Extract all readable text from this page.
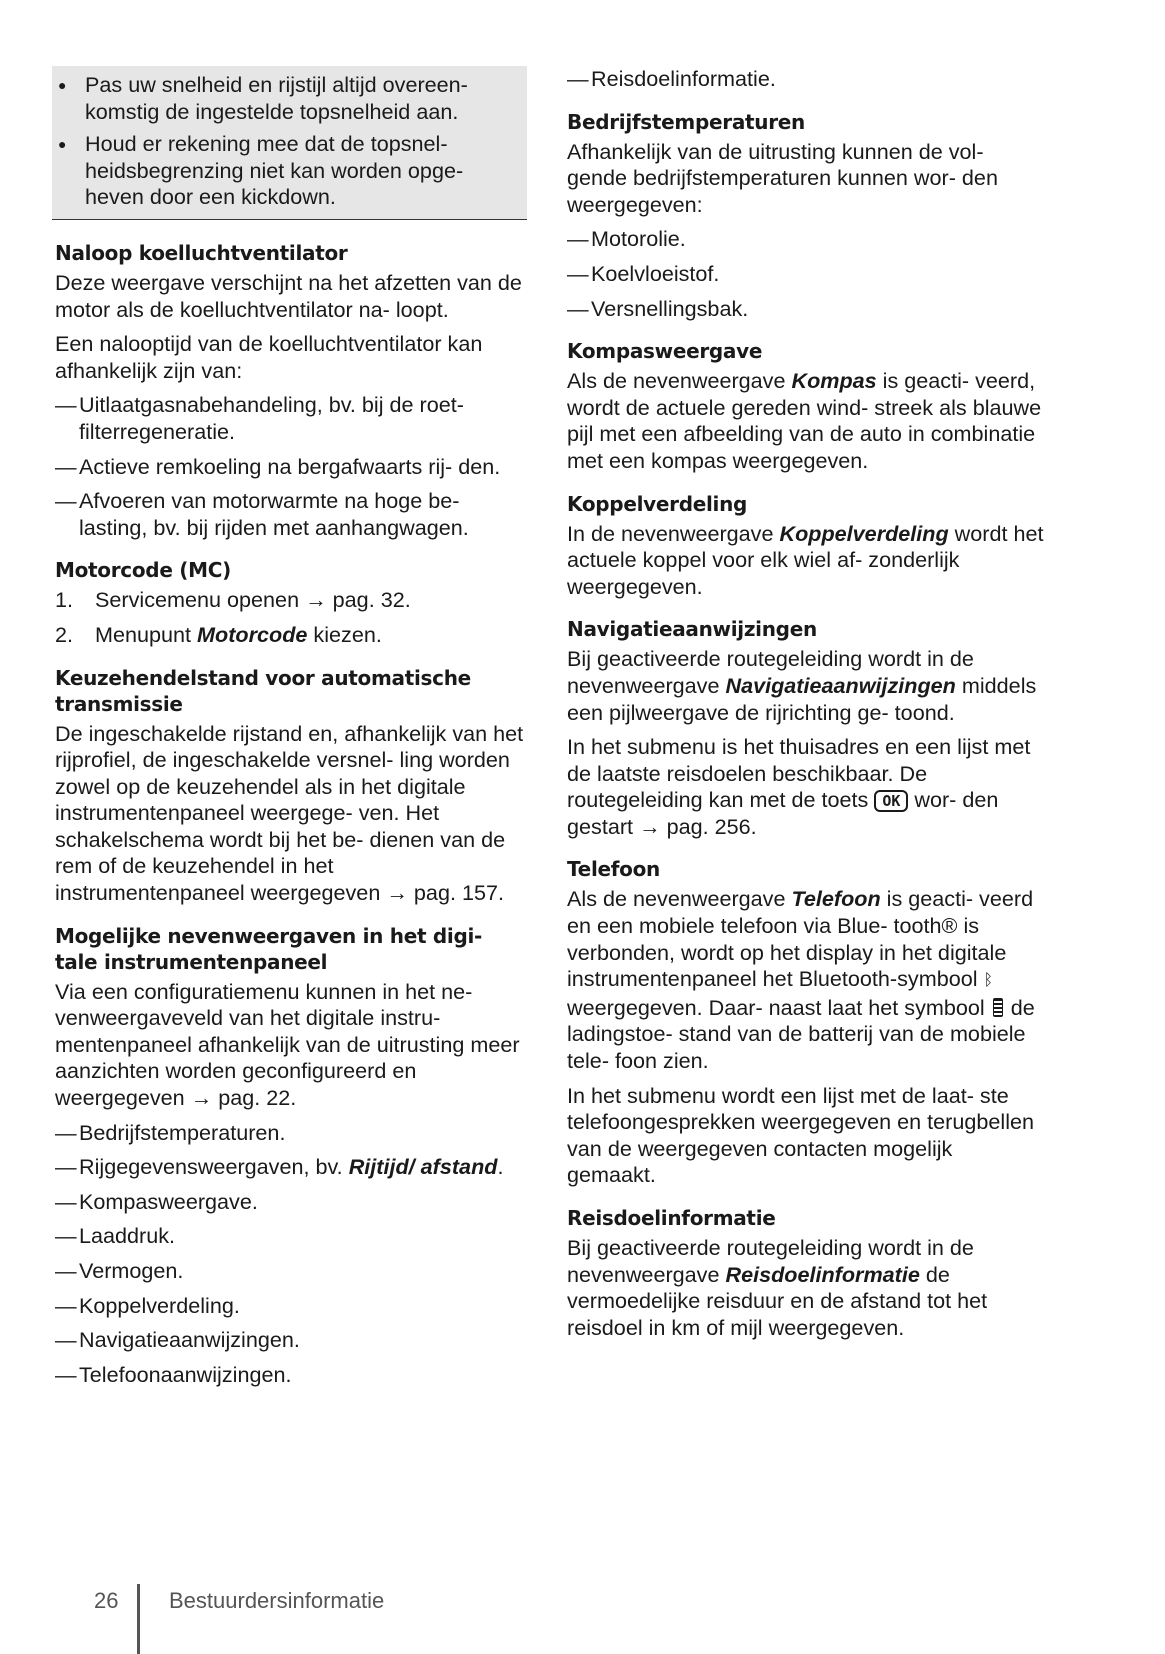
● Pas uw snelheid en rijstijl altijd overeen- komstig de ingestelde topsnelheid aan.
● Houd er rekening mee dat de topsnel- heidsbegrenzing niet kan worden opge- heven door een kickdown.
Naloop koelluchtventilator

Deze weergave verschijnt na het afzetten van de motor als de koelluchtventilator na- loopt.

Een nalooptijd van de koelluchtventilator kan afhankelijk zijn van:

— Uitlaatgasnabehandeling, bv. bij de roet- filterregeneratie.
— Actieve remkoeling na bergafwaarts rij- den.
— Afvoeren van motorwarmte na hoge be- lasting, bv. bij rijden met aanhangwagen.
Motorcode (MC)
1. Servicemenu openen → pag. 32.
2. Menupunt Motorcode kiezen.
Keuzehendelstand voor automatische transmissie

De ingeschakelde rijstand en, afhankelijk van het rijprofiel, de ingeschakelde versnel- ling worden zowel op de keuzehendel als in het digitale instrumentenpaneel weergege- ven. Het schakelschema wordt bij het be- dienen van de rem of de keuzehendel in het instrumentenpaneel weergegeven → pag. 157.

Mogelijke nevenweergaven in het digi- tale instrumentenpaneel

Via een configuratiemenu kunnen in het ne- venweergaveveld van het digitale instru- mentenpaneel afhankelijk van de uitrusting meer aanzichten worden geconfigureerd en weergegeven → pag. 22.

— Bedrijfstemperaturen.
— Rijgegevensweergaven, bv. Rijtijd/ afstand.
— Kompasweergave.
— Laaddruk.
— Vermogen.
— Koppelverdeling.
— Navigatieaanwijzingen.
— Telefoonaanwijzingen.
— Reisdoelinformatie.
Bedrijfstemperaturen

Afhankelijk van de uitrusting kunnen de vol- gende bedrijfstemperaturen kunnen wor- den weergegeven:

— Motorolie.
— Koelvloeistof.
— Versnellingsbak.
Kompasweergave

Als de nevenweergave Kompas is geacti- veerd, wordt de actuele gereden wind- streek als blauwe pijl met een afbeelding van de auto in combinatie met een kompas weergegeven.

Koppelverdeling

In de nevenweergave Koppelverdeling wordt het actuele koppel voor elk wiel af- zonderlijk weergegeven.

Navigatieaanwijzingen

Bij geactiveerde routegeleiding wordt in de nevenweergave Navigatieaanwijzingen middels een pijlweergave de rijrichting ge- toond.

In het submenu is het thuisadres en een lijst met de laatste reisdoelen beschikbaar. De routegeleiding kan met de toets OK wor- den gestart → pag. 256.

Telefoon

Als de nevenweergave Telefoon is geacti- veerd en een mobiele telefoon via Blue- tooth® is verbonden, wordt op het display in het digitale instrumentenpaneel het Bluetooth-symbool ᛒ weergegeven. Daar- naast laat het symbool  de ladingstoe- stand van de batterij van de mobiele tele- foon zien.

In het submenu wordt een lijst met de laat- ste telefoongesprekken weergegeven en terugbellen van de weergegeven contacten mogelijk gemaakt.

Reisdoelinformatie

Bij geactiveerde routegeleiding wordt in de nevenweergave Reisdoelinformatie de vermoedelijke reisduur en de afstand tot het reisdoel in km of mijl weergegeven.

26 Bestuurdersinformatie
